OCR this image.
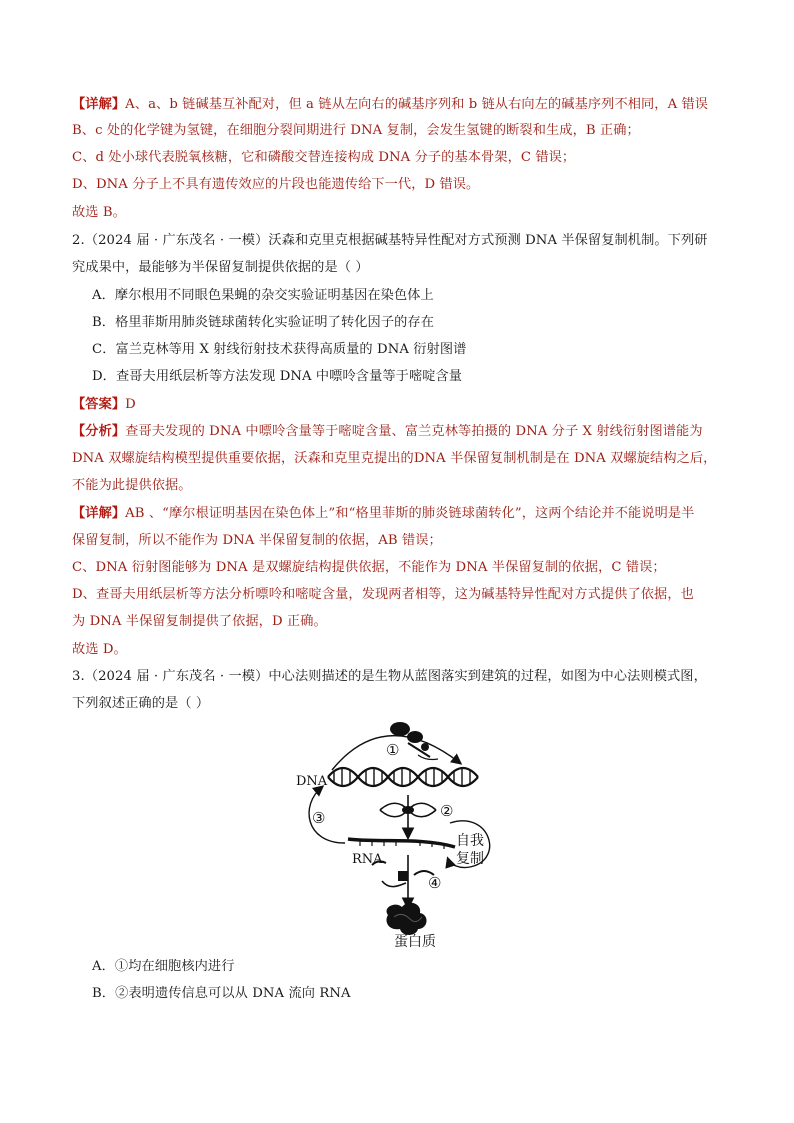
【详解】A、a、b 链碱基互补配对，但 a 链从左向右的碱基序列和 b 链从右向左的碱基序列不相同，A 错误
B、c 处的化学键为氢键，在细胞分裂间期进行 DNA 复制，会发生氢键的断裂和生成，B 正确；
C、d 处小球代表脱氧核糖，它和磷酸交替连接构成 DNA 分子的基本骨架，C 错误；
D、DNA 分子上不具有遗传效应的片段也能遗传给下一代，D 错误。
故选 B。
2.（2024 届 · 广东茂名 · 一模）沃森和克里克根据碱基特异性配对方式预测 DNA 半保留复制机制。下列研
究成果中，最能够为半保留复制提供依据的是（ ）
A．摩尔根用不同眼色果蝇的杂交实验证明基因在染色体上
B．格里菲斯用肺炎链球菌转化实验证明了转化因子的存在
C．富兰克林等用 X 射线衍射技术获得高质量的 DNA 衍射图谱
D．查哥夫用纸层析等方法发现 DNA 中嘌呤含量等于嘧啶含量
【答案】D
【分析】查哥夫发现的 DNA 中嘌呤含量等于嘧啶含量、富兰克林等拍摄的 DNA 分子 X 射线衍射图谱能为
DNA 双螺旋结构模型提供重要依据，沃森和克里克提出的DNA 半保留复制机制是在 DNA 双螺旋结构之后，
不能为此提供依据。
【详解】AB 、“摩尔根证明基因在染色体上”和“格里菲斯的肺炎链球菌转化”，这两个结论并不能说明是半
保留复制，所以不能作为 DNA 半保留复制的依据，AB 错误；
C、DNA 衍射图能够为 DNA 是双螺旋结构提供依据，不能作为 DNA 半保留复制的依据，C 错误；
D、查哥夫用纸层析等方法分析嘌呤和嘧啶含量，发现两者相等，这为碱基特异性配对方式提供了依据，也
为 DNA 半保留复制提供了依据，D 正确。
故选 D。
3.（2024 届 · 广东茂名 · 一模）中心法则描述的是生物从蓝图落实到建筑的过程，如图为中心法则模式图，
下列叙述正确的是（ ）
①
DNA
②
③
RNA
自我
复制
④
蛋白质
A．①均在细胞核内进行
B．②表明遗传信息可以从 DNA 流向 RNA
